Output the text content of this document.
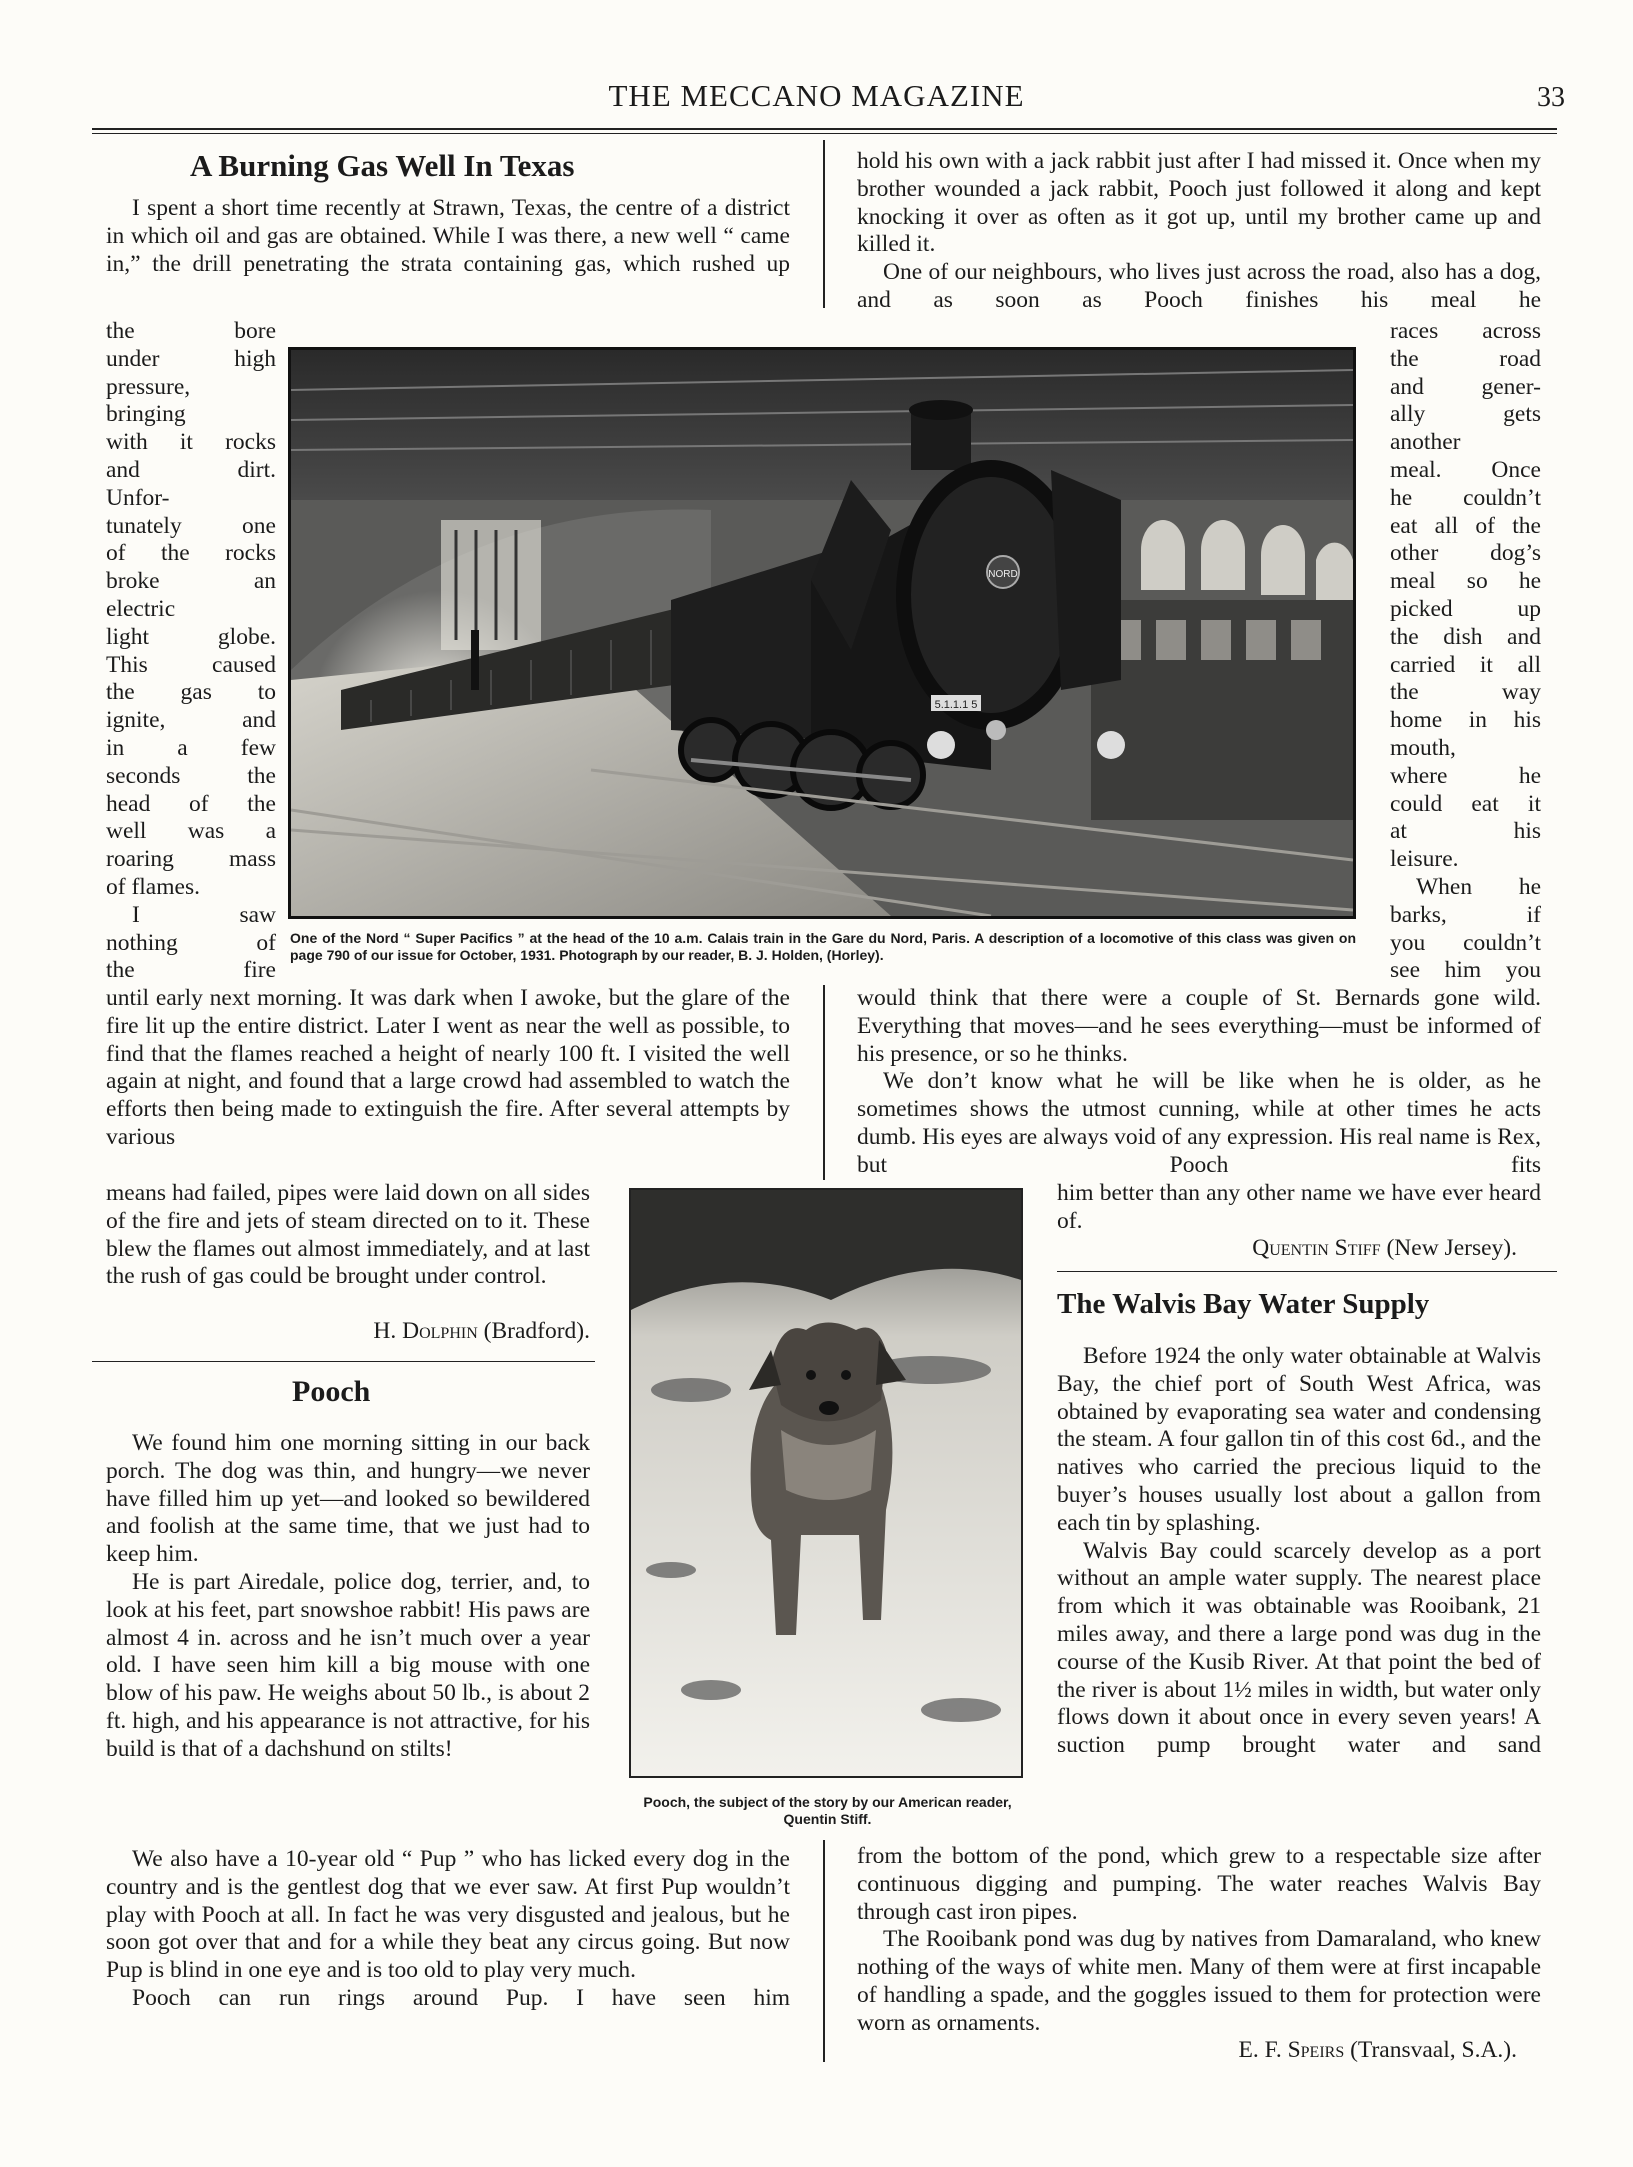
THE MECCANO MAGAZINE	33
A Burning Gas Well In Texas
I spent a short time recently at Strawn, Texas, the centre of a district in which oil and gas are obtained. While I was there, a new well “ came in,” the drill penetrating the strata containing gas, which rushed up
the bore
under high
pressure,
bringing
with it rocks
and dirt.
Unfor-
tunately one
of the rocks
broke an
electric
light globe.
This caused
the gas to
ignite, and
in a few
seconds the
head of the
well was a
roaring mass
of flames.
I saw
nothing of
the fire
until early next morning. It was dark when I awoke, but the glare of the fire lit up the entire district. Later I went as near the well as possible, to find that the flames reached a height of nearly 100 ft. I visited the well again at night, and found that a large crowd had assembled to watch the efforts then being made to extinguish the fire. After several attempts by various
means had failed, pipes were laid down on all sides of the fire and jets of steam directed on to it. These blew the flames out almost immediately, and at last the rush of gas could be brought under control.
H. Dolphin (Bradford).
Pooch

We found him one morning sitting in our back porch. The dog was thin, and hungry—we never have filled him up yet—and looked so bewildered and foolish at the same time, that we just had to keep him.

He is part Airedale, police dog, terrier, and, to look at his feet, part snowshoe rabbit! His paws are almost 4 in. across and he isn’t much over a year old. I have seen him kill a big mouse with one blow of his paw. He weighs about 50 lb., is about 2 ft. high, and his appearance is not attractive, for his build is that of a dachshund on stilts!

We also have a 10-year old “ Pup ” who has licked every dog in the country and is the gentlest dog that we ever saw. At first Pup wouldn’t play with Pooch at all. In fact he was very disgusted and jealous, but he soon got over that and for a while they beat any circus going. But now Pup is blind in one eye and is too old to play very much.

Pooch can run rings around Pup. I have seen him

hold his own with a jack rabbit just after I had missed it. Once when my brother wounded a jack rabbit, Pooch just followed it along and kept knocking it over as often as it got up, until my brother came up and killed it.

One of our neighbours, who lives just across the road, also has a dog, and as soon as Pooch finishes his meal he

races across
the road
and gener-
ally gets
another
meal. Once
he couldn’t
eat all of the
other dog’s
meal so he
picked up
the dish and
carried it all
the way
home in his
mouth,
where he
could eat it
at his
leisure.
When he
barks, if
you couldn’t
see him you

would think that there were a couple of St. Bernards gone wild. Everything that moves—and he sees everything—must be informed of his presence, or so he thinks.

We don’t know what he will be like when he is older, as he sometimes shows the utmost cunning, while at other times he acts dumb. His eyes are always void of any expression. His real name is Rex, but Pooch fits

him better than any other name we have ever heard of.
Quentin Stiff (New Jersey).
The Walvis Bay Water Supply

Before 1924 the only water obtainable at Walvis Bay, the chief port of South West Africa, was obtained by evaporating sea water and condensing the steam. A four gallon tin of this cost 6d., and the natives who carried the precious liquid to the buyer’s houses usually lost about a gallon from each tin by splashing.

Walvis Bay could scarcely develop as a port without an ample water supply. The nearest place from which it was obtainable was Rooibank, 21 miles away, and there a large pond was dug in the course of the Kusib River. At that point the bed of the river is about 1½ miles in width, but water only flows down it about once in every seven years! A suction pump brought water and sand

from the bottom of the pond, which grew to a respectable size after continuous digging and pumping. The water reaches Walvis Bay through cast iron pipes.

The Rooibank pond was dug by natives from Damaraland, who knew nothing of the ways of white men. Many of them were at first incapable of handling a spade, and the goggles issued to them for protection were worn as ornaments.

E. F. Speirs (Transvaal, S.A.).
NORD
5.1.1.1 5
One of the Nord “ Super Pacifics ” at the head of the 10 a.m. Calais train in the Gare du Nord, Paris. A description of a locomotive of this class was given on page 790 of our issue for October, 1931. Photograph by our reader, B. J. Holden, (Horley).
Pooch, the subject of the story by our American reader, Quentin Stiff.
